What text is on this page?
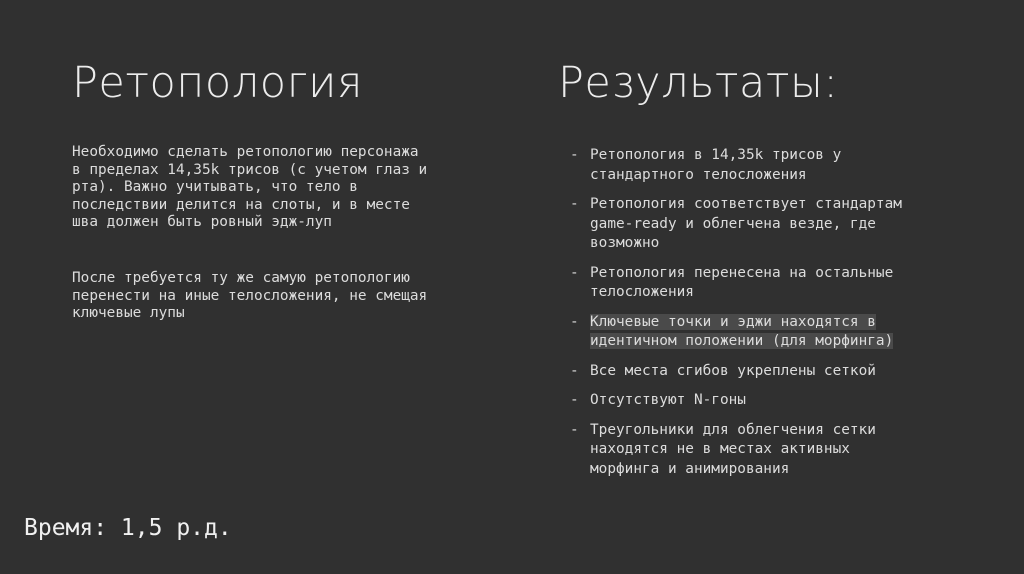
Ретопология

Необходимо сделать ретопологию персонажа
в пределах 14,35k трисов (с учетом глаз и
рта). Важно учитывать, что тело в
последствии делится на слоты, и в месте
шва должен быть ровный эдж-луп

После требуется ту же самую ретопологию
перенести на иные телосложения, не смещая
ключевые лупы

Результаты:
- Ретопология в 14,35k трисов у
стандартного телосложения
- Ретопология соответствует стандартам
game-ready и облегчена везде, где
возможно
- Ретопология перенесена на остальные
телосложения
- Ключевые точки и эджи находятся в
идентичном положении (для морфинга)
- Все места сгибов укреплены сеткой
- Отсутствуют N-гоны
- Треугольники для облегчения сетки
находятся не в местах активных
морфинга и анимирования

Время: 1,5 р.д.
